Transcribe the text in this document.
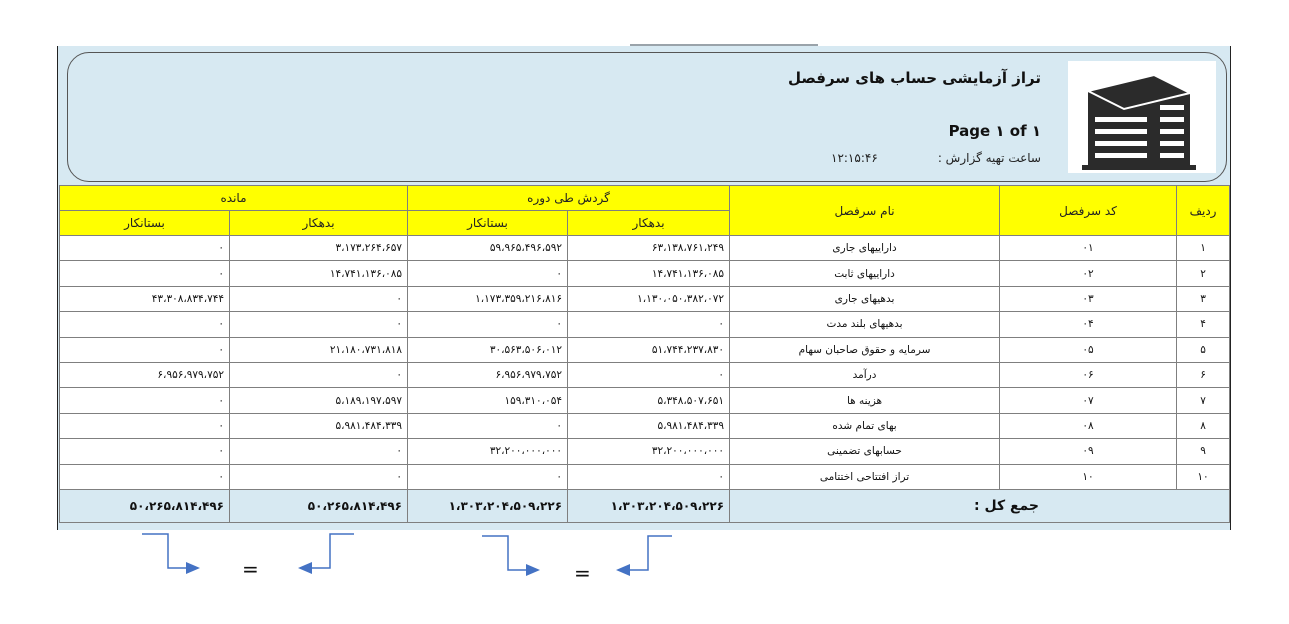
تراز آزمایشی حساب های سرفصل
Page ۱ of ۱
ساعت تهیه گزارش :
۱۲:۱۵:۴۶
مانده		گردش طی دوره		نام سرفصل	کد سرفصل	ردیف
بستانکار	بدهکار	بستانکار	بدهکار			
۰	۳،۱۷۳،۲۶۴،۶۵۷	۵۹،۹۶۵،۴۹۶،۵۹۲	۶۳،۱۳۸،۷۶۱،۲۴۹	داراییهای جاری	۰۱	۱
۰	۱۴،۷۴۱،۱۳۶،۰۸۵	۰	۱۴،۷۴۱،۱۳۶،۰۸۵	داراییهای ثابت	۰۲	۲
۴۳،۳۰۸،۸۳۴،۷۴۴	۰	۱،۱۷۳،۳۵۹،۲۱۶،۸۱۶	۱،۱۳۰،۰۵۰،۳۸۲،۰۷۲	بدهیهای جاری	۰۳	۳
۰	۰	۰	۰	بدهیهای بلند مدت	۰۴	۴
۰	۲۱،۱۸۰،۷۳۱،۸۱۸	۳۰،۵۶۳،۵۰۶،۰۱۲	۵۱،۷۴۴،۲۳۷،۸۳۰	سرمایه و حقوق صاحبان سهام	۰۵	۵
۶،۹۵۶،۹۷۹،۷۵۲	۰	۶،۹۵۶،۹۷۹،۷۵۲	۰	درآمد	۰۶	۶
۰	۵،۱۸۹،۱۹۷،۵۹۷	۱۵۹،۳۱۰،۰۵۴	۵،۳۴۸،۵۰۷،۶۵۱	هزینه ها	۰۷	۷
۰	۵،۹۸۱،۴۸۴،۳۳۹	۰	۵،۹۸۱،۴۸۴،۳۳۹	بهای تمام شده	۰۸	۸
۰	۰	۳۲،۲۰۰،۰۰۰،۰۰۰	۳۲،۲۰۰،۰۰۰،۰۰۰	حسابهای تضمینی	۰۹	۹
۰	۰	۰	۰	تراز افتتاحی اختتامی	۱۰	۱۰
۵۰،۲۶۵،۸۱۴،۴۹۶	۵۰،۲۶۵،۸۱۴،۴۹۶	۱،۳۰۳،۲۰۴،۵۰۹،۲۲۶	۱،۳۰۳،۲۰۴،۵۰۹،۲۲۶	جمع کل :		
=	=
